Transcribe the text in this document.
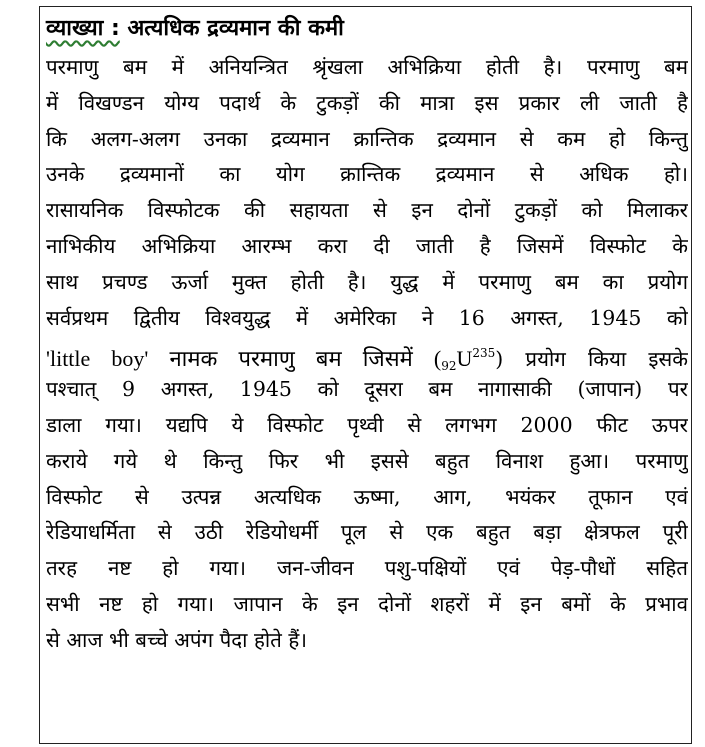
व्याख्या : अत्यधिक द्रव्यमान की कमी
परमाणु बम में अनियन्त्रित श्रृंखला अभिक्रिया होती है। परमाणु बम
में विखण्डन योग्य पदार्थ के टुकड़ों की मात्रा इस प्रकार ली जाती है
कि अलग-अलग उनका द्रव्यमान क्रान्तिक द्रव्यमान से कम हो किन्तु
उनके द्रव्यमानों का योग क्रान्तिक द्रव्यमान से अधिक हो।
रासायनिक विस्फोटक की सहायता से इन दोनों टुकड़ों को मिलाकर
नाभिकीय अभिक्रिया आरम्भ करा दी जाती है जिसमें विस्फोट के
साथ प्रचण्ड ऊर्जा मुक्त होती है। युद्ध में परमाणु बम का प्रयोग
सर्वप्रथम द्वितीय विश्वयुद्ध में अमेरिका ने 16 अगस्त, 1945 को
'little boy' नामक परमाणु बम जिसमें $(_{92}U^{235})$ प्रयोग किया इसके
पश्चात् 9 अगस्त, 1945 को दूसरा बम नागासाकी (जापान) पर
डाला गया। यद्यपि ये विस्फोट पृथ्वी से लगभग 2000 फीट ऊपर
कराये गये थे किन्तु फिर भी इससे बहुत विनाश हुआ। परमाणु
विस्फोट से उत्पन्न अत्यधिक ऊष्मा, आग, भयंकर तूफान एवं
रेडियाधर्मिता से उठी रेडियोधर्मी पूल से एक बहुत बड़ा क्षेत्रफल पूरी
तरह नष्ट हो गया। जन-जीवन पशु-पक्षियों एवं पेड़-पौधों सहित
सभी नष्ट हो गया। जापान के इन दोनों शहरों में इन बमों के प्रभाव
से आज भी बच्चे अपंग पैदा होते हैं।
